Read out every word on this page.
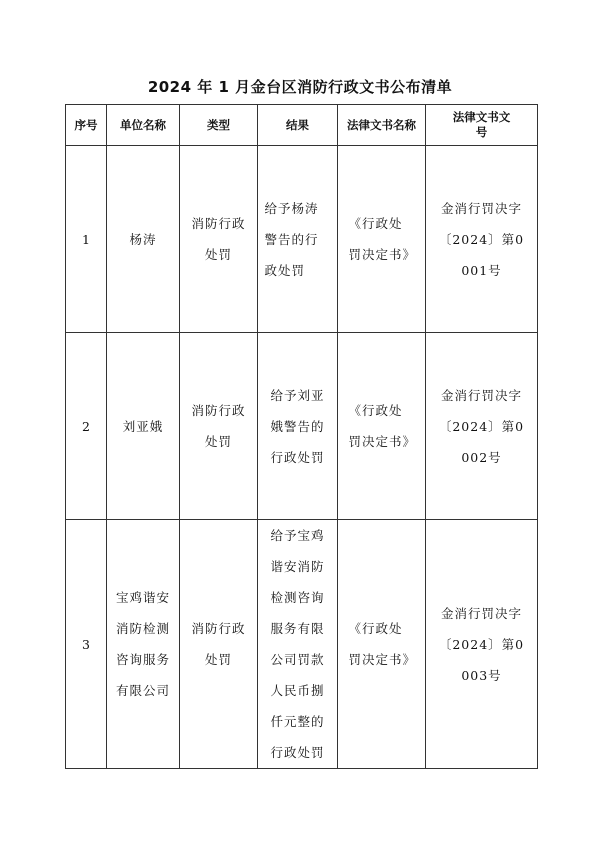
2024 年 1 月金台区消防行政文书公布清单
序号	单位名称	类型	结果	法律文书名称	法律文书文号
1	杨涛	消防行政处罚	给予杨涛警告的行政处罚	《行政处罚决定书》	金消行罚决字〔2024〕第0001号
2	刘亚娥	消防行政处罚	给予刘亚娥警告的行政处罚	《行政处罚决定书》	金消行罚决字〔2024〕第0002号
3	宝鸡谐安消防检测咨询服务有限公司	消防行政处罚	给予宝鸡谐安消防检测咨询服务有限公司罚款人民币捌仟元整的行政处罚	《行政处罚决定书》	金消行罚决字〔2024〕第0003号
